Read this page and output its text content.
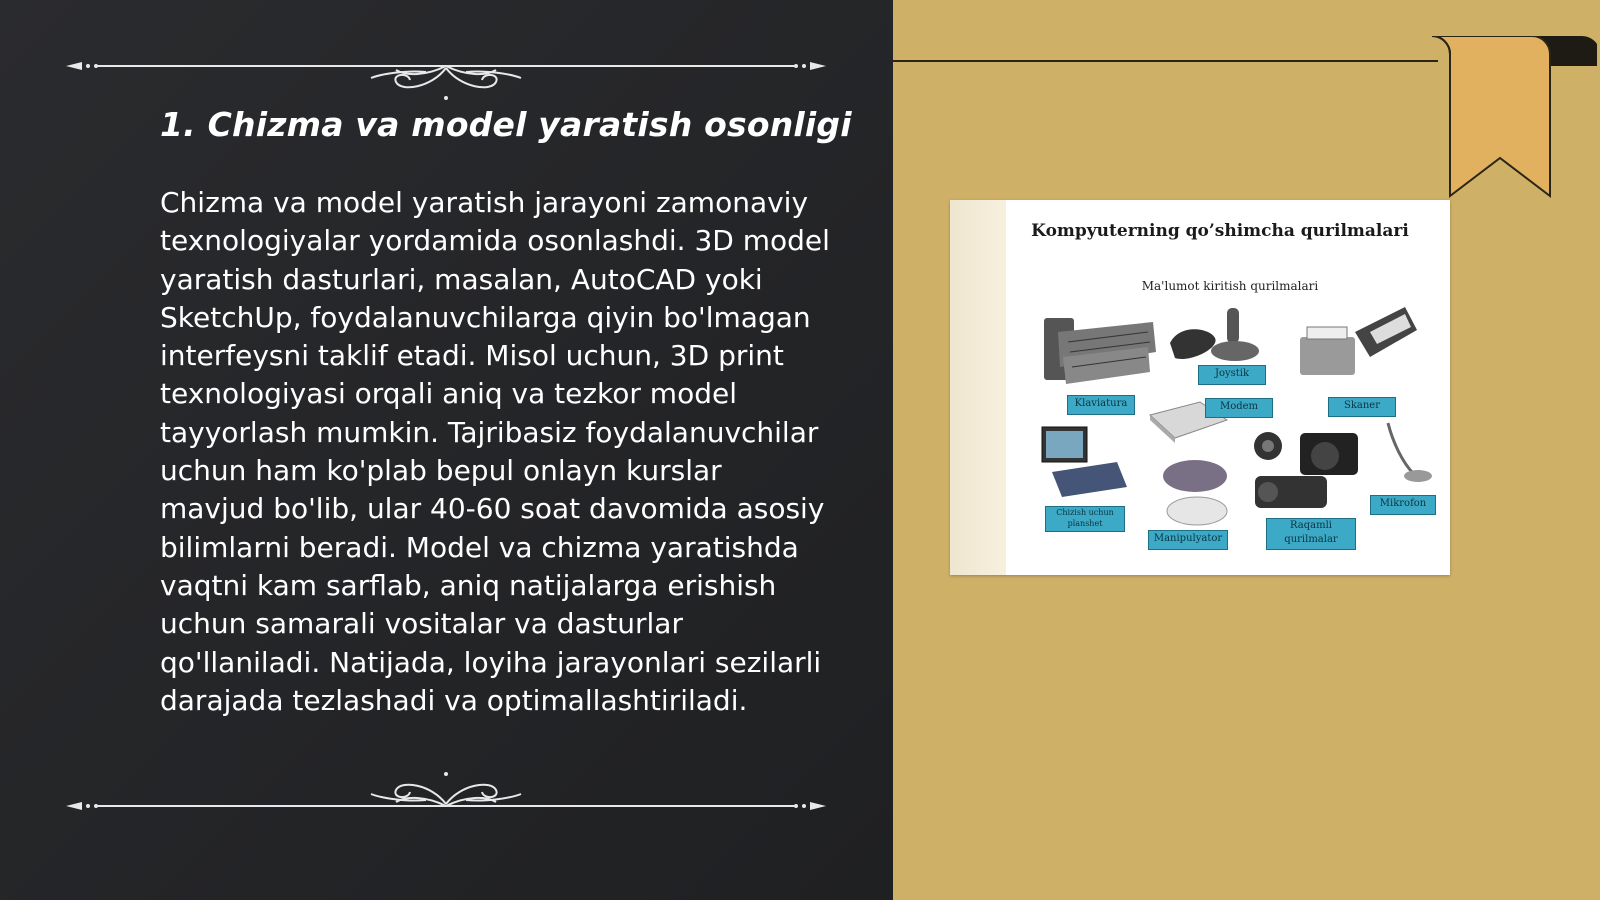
1. Chizma va model yaratish osonligi
Chizma va model yaratish jarayoni zamonaviy texnologiyalar yordamida osonlashdi. 3D model yaratish dasturlari, masalan, AutoCAD yoki SketchUp, foydalanuvchilarga qiyin bo'lmagan interfeysni taklif etadi. Misol uchun, 3D print texnologiyasi orqali aniq va tezkor model tayyorlash mumkin. Tajribasiz foydalanuvchilar uchun ham ko'plab bepul onlayn kurslar mavjud bo'lib, ular 40-60 soat davomida asosiy bilimlarni beradi. Model va chizma yaratishda vaqtni kam sarflab, aniq natijalarga erishish uchun samarali vositalar va dasturlar qo'llaniladi. Natijada, loyiha jarayonlari sezilarli darajada tezlashadi va optimallashtiriladi.
Kompyuterning qo’shimcha qurilmalari
Ma'lumot kiritish qurilmalari
Klaviatura
Joystik
Modem	Skaner
Chizish uchun planshet
Manipulyator
Raqamli qurilmalar
Mikrofon
